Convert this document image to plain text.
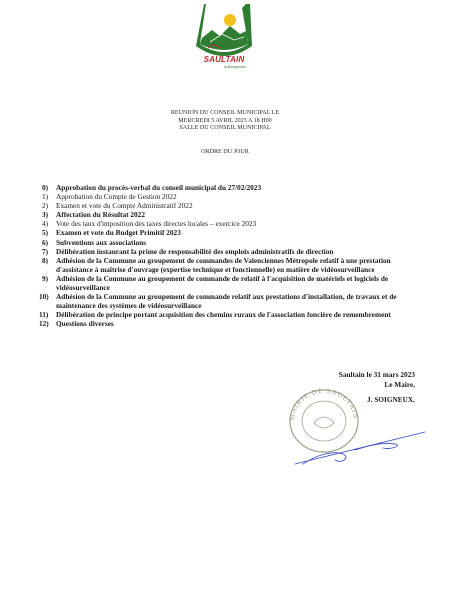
SAULTAIN
la Bourgeoise
REUNION DU CONSEIL MUNICIPAL LE
MERCREDI 5 AVRIL 2023 A 18 H00
SALLE DU CONSEIL MUNICIPAL
ORDRE DU JOUR
0) Approbation du procès-verbal du conseil municipal du 27/02/2023
1) Approbation du Compte de Gestion 2022
2) Examen et vote du Compte Administratif 2022
3) Affectation du Résultat 2022
4) Vote des taux d'imposition des taxes directes locales – exercice 2023
5) Examen et vote du Budget Primitif 2023
6) Subventions aux associations
7) Délibération instaurant la prime de responsabilité des emplois administratifs de direction
8) Adhésion de la Commune au groupement de commandes de Valenciennes Métropole relatif à une prestation d'assistance à maîtrise d'ouvrage (expertise technique et fonctionnelle) en matière de vidéosurveillance
9) Adhésion de la Commune au groupement de commande de relatif à l'acquisition de matériels et logiciels de vidéosurveillance
10) Adhésion de la Commune au groupement de commande relatif aux prestations d'installation, de travaux et de maintenance des systèmes de vidéosurveillance
11) Délibération de principe portant acquisition des chemins ruraux de l'association foncière de remembrement
12) Questions diverses
MAIRIE DE SAULTAIN
Saultain le 31 mars 2023
Le Maire,
J. SOIGNEUX.
